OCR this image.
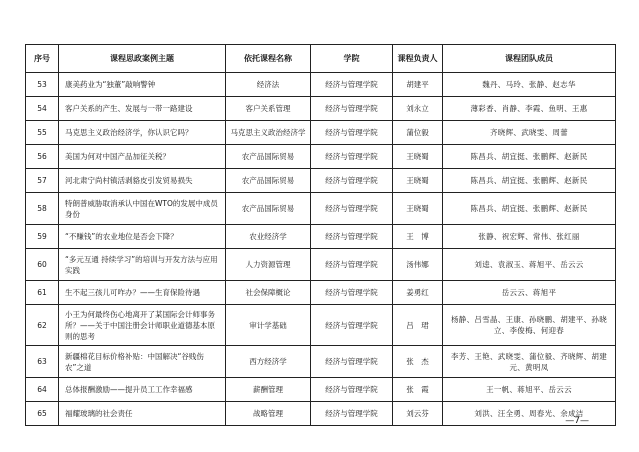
序号	课程思政案例主题	依托课程名称	学院	课程负责人	课程团队成员
53	康美药业为“独董”敲响警钟	经济法	经济与管理学院	胡建平	魏丹、马玲、张静、赵志华
54	客户关系的产生、发展与一带一路建设	客户关系管理	经济与管理学院	刘永立	薄彩香、肖静、李霞、鱼明、王惠
55	马克思主义政治经济学，你认识它吗？	马克思主义政治经济学	经济与管理学院	蒲位毅	齐晓辉、武晓雯、周蕾
56	美国为何对中国产品加征关税？	农产品国际贸易	经济与管理学院	王晓蜀	陈昌兵、胡宜挺、张鹏辉、赵新民
57	河北肃宁尚村镇活剥貉皮引发贸易损失	农产品国际贸易	经济与管理学院	王晓蜀	陈昌兵、胡宜挺、张鹏辉、赵新民
58	特朗普威胁取消承认中国在WTO的发展中成员身份	农产品国际贸易	经济与管理学院	王晓蜀	陈昌兵、胡宜挺、张鹏辉、赵新民
59	“不赚钱”的农业地位是否会下降？	农业经济学	经济与管理学院	王　博	张静、祝宏辉、常伟、张红丽
60	“多元互通 持续学习”的培训与开发方法与应用实践	人力资源管理	经济与管理学院	汤伟娜	刘逵、袁淑玉、蒋旭平、岳云云
61	生不起三孩儿可咋办？——生育保险待遇	社会保障概论	经济与管理学院	姜勇红	岳云云、蒋旭平
62	小王为何最终伤心地离开了某国际会计师事务所？——关于中国注册会计师职业道德基本原则的思考	审计学基础	经济与管理学院	吕　珺	杨静、吕雪晶、王康、孙晓鹏、胡建平、孙晓立、李俊梅、何迎春
63	新疆棉花目标价格补贴：中国解决“谷贱伤农”之道	西方经济学	经济与管理学院	张　杰	李芳、王艳、武晓雯、蒲位毅、齐晓辉、胡建元、黄明凤
64	总体报酬激励——提升员工工作幸福感	薪酬管理	经济与管理学院	张　霞	王一帆、蒋旭平、岳云云
65	福耀玻璃的社会责任	战略管理	经济与管理学院	刘云芬	刘洪、汪全勇、周春光、余成洁
—7—
